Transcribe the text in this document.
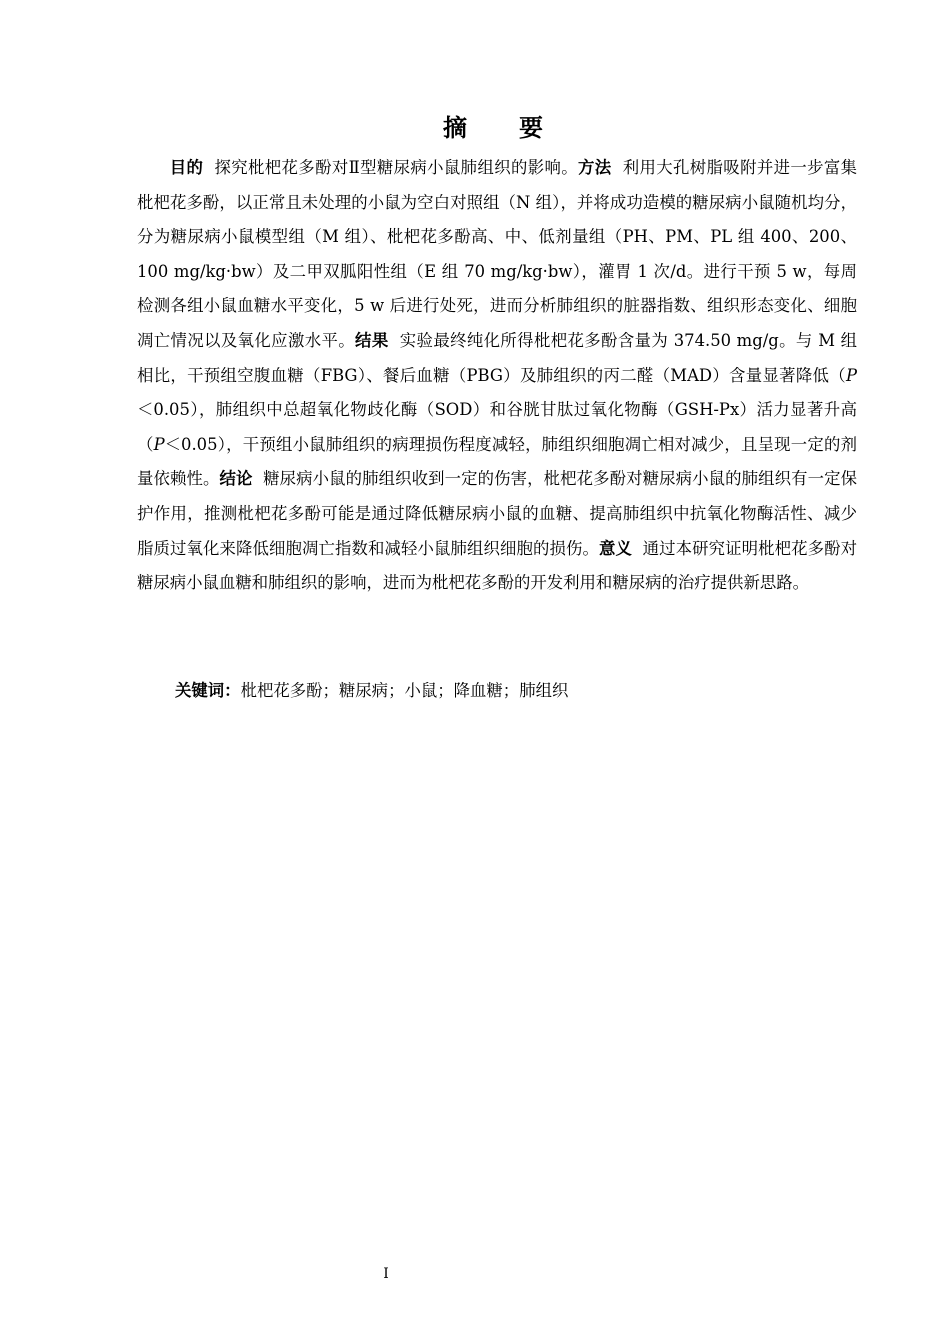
摘　要

目的 探究枇杷花多酚对Ⅱ型糖尿病小鼠肺组织的影响。方法 利用大孔树脂吸附并进一步富集枇杷花多酚，以正常且未处理的小鼠为空白对照组（N 组），并将成功造模的糖尿病小鼠随机均分，分为糖尿病小鼠模型组（M 组）、枇杷花多酚高、中、低剂量组（PH、PM、PL 组 400、200、100 mg/kg·bw）及二甲双胍阳性组（E 组 70 mg/kg·bw），灌胃 1 次/d。进行干预 5 w，每周检测各组小鼠血糖水平变化，5 w 后进行处死，进而分析肺组织的脏器指数、组织形态变化、细胞凋亡情况以及氧化应激水平。结果 实验最终纯化所得枇杷花多酚含量为 374.50 mg/g。与 M 组相比，干预组空腹血糖（FBG）、餐后血糖（PBG）及肺组织的丙二醛（MAD）含量显著降低（P＜0.05），肺组织中总超氧化物歧化酶（SOD）和谷胱甘肽过氧化物酶（GSH-Px）活力显著升高（P＜0.05），干预组小鼠肺组织的病理损伤程度减轻，肺组织细胞凋亡相对减少，且呈现一定的剂量依赖性。结论 糖尿病小鼠的肺组织收到一定的伤害，枇杷花多酚对糖尿病小鼠的肺组织有一定保护作用，推测枇杷花多酚可能是通过降低糖尿病小鼠的血糖、提高肺组织中抗氧化物酶活性、减少脂质过氧化来降低细胞凋亡指数和减轻小鼠肺组织细胞的损伤。意义 通过本研究证明枇杷花多酚对糖尿病小鼠血糖和肺组织的影响，进而为枇杷花多酚的开发利用和糖尿病的治疗提供新思路。

关键词：枇杷花多酚；糖尿病；小鼠；降血糖；肺组织

I
